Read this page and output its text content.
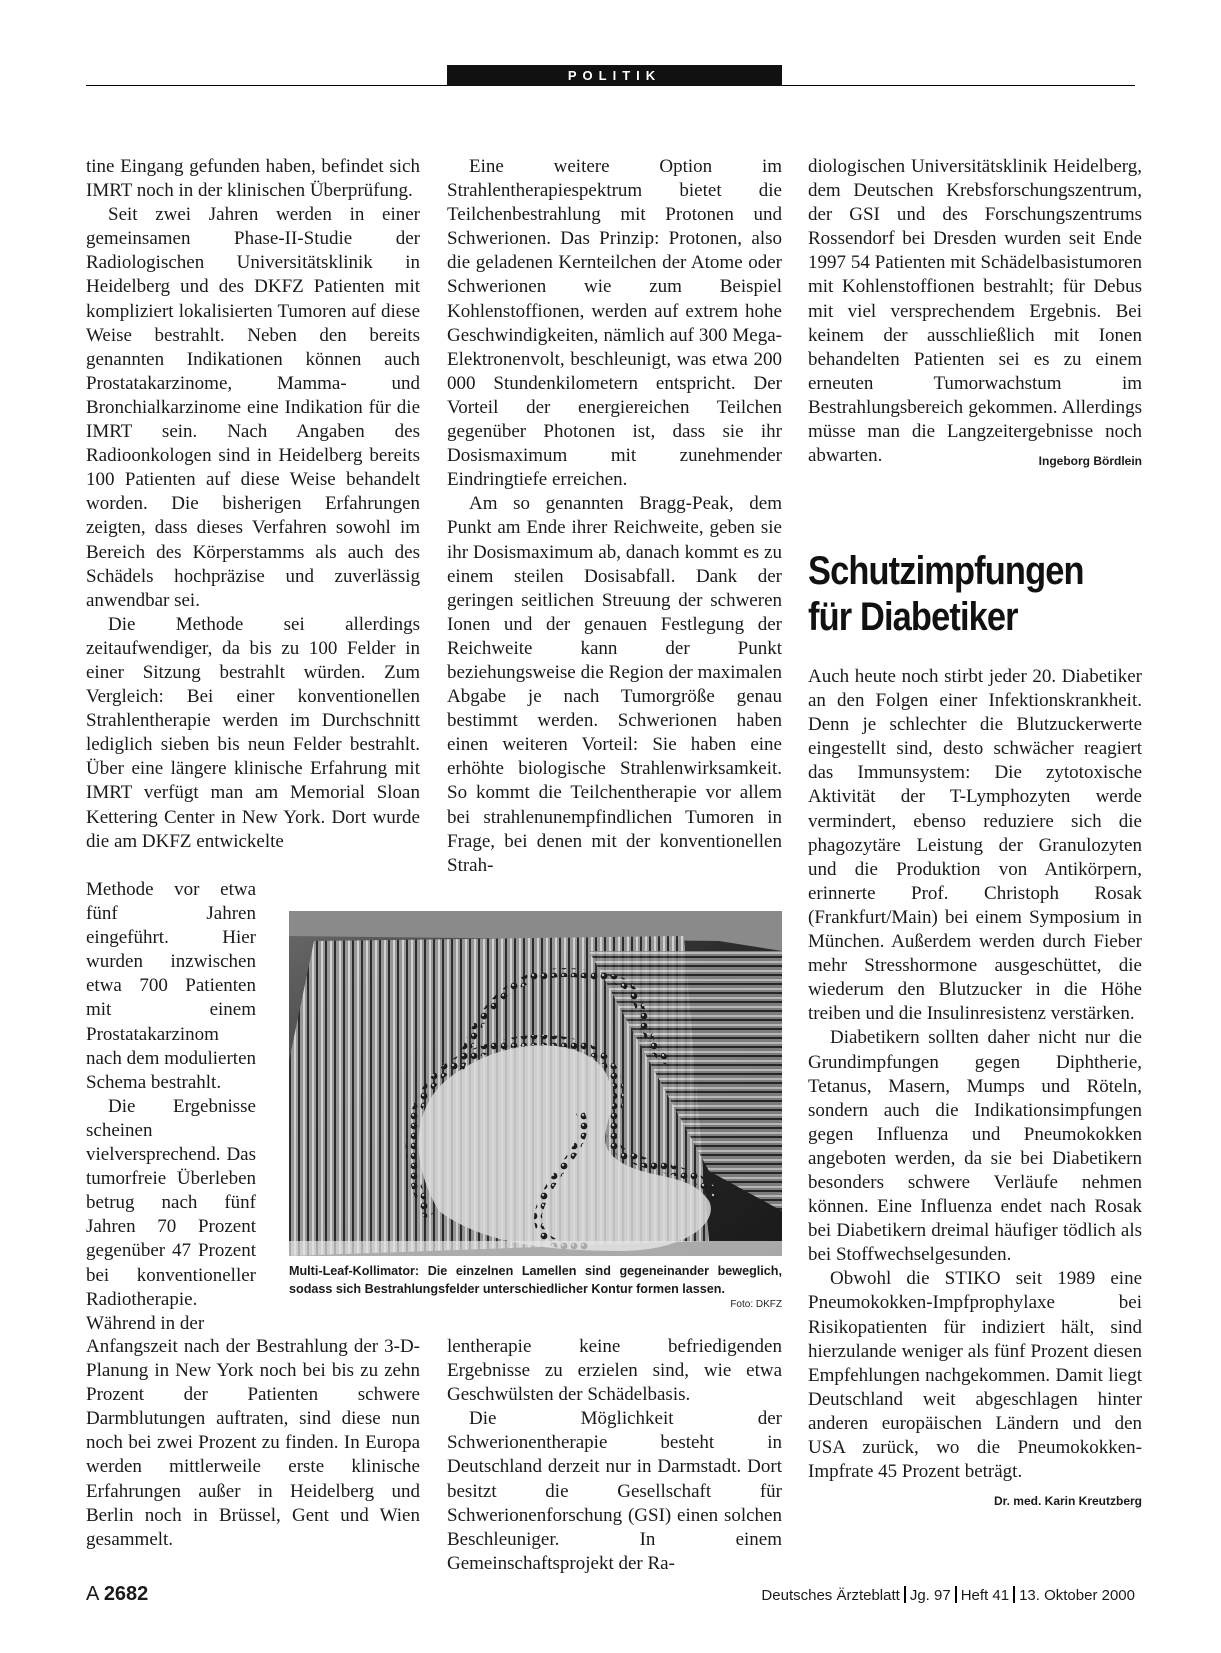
POLITIK

tine Eingang gefunden haben, befindet sich IMRT noch in der klinischen Überprüfung.

Seit zwei Jahren werden in einer gemeinsamen Phase-II-Studie der Radiologischen Universitätsklinik in Heidelberg und des DKFZ Patienten mit kompliziert lokalisierten Tumoren auf diese Weise bestrahlt. Neben den bereits genannten Indikationen können auch Prostatakarzinome, Mamma- und Bronchialkarzinome eine Indikation für die IMRT sein. Nach Angaben des Radioonkologen sind in Heidelberg bereits 100 Patienten auf diese Weise behandelt worden. Die bisherigen Erfahrungen zeigten, dass dieses Verfahren sowohl im Bereich des Körperstamms als auch des Schädels hochpräzise und zuverlässig anwendbar sei.

Die Methode sei allerdings zeitaufwendiger, da bis zu 100 Felder in einer Sitzung bestrahlt würden. Zum Vergleich: Bei einer konventionellen Strahlentherapie werden im Durchschnitt lediglich sieben bis neun Felder bestrahlt. Über eine längere klinische Erfahrung mit IMRT verfügt man am Memorial Sloan Kettering Center in New York. Dort wurde die am DKFZ entwickelte

Methode vor etwa fünf Jahren eingeführt. Hier wurden inzwischen etwa 700 Patienten mit einem Prostatakarzinom nach dem modulierten Schema bestrahlt.

Die Ergebnisse scheinen vielversprechend. Das tumorfreie Überleben betrug nach fünf Jahren 70 Prozent gegenüber 47 Prozent bei konventioneller Radiotherapie. Während in der

Anfangszeit nach der Bestrahlung der 3-D-Planung in New York noch bei bis zu zehn Prozent der Patienten schwere Darmblutungen auftraten, sind diese nun noch bei zwei Prozent zu finden. In Europa werden mittlerweile erste klinische Erfahrungen außer in Heidelberg und Berlin noch in Brüssel, Gent und Wien gesammelt.

Eine weitere Option im Strahlentherapiespektrum bietet die Teilchenbestrahlung mit Protonen und Schwerionen. Das Prinzip: Protonen, also die geladenen Kernteilchen der Atome oder Schwerionen wie zum Beispiel Kohlenstoffionen, werden auf extrem hohe Geschwindigkeiten, nämlich auf 300 Mega-Elektronenvolt, beschleunigt, was etwa 200 000 Stundenkilometern entspricht. Der Vorteil der energiereichen Teilchen gegenüber Photonen ist, dass sie ihr Dosismaximum mit zunehmender Eindringtiefe erreichen.

Am so genannten Bragg-Peak, dem Punkt am Ende ihrer Reichweite, geben sie ihr Dosismaximum ab, danach kommt es zu einem steilen Dosisabfall. Dank der geringen seitlichen Streuung der schweren Ionen und der genauen Festlegung der Reichweite kann der Punkt beziehungsweise die Region der maximalen Abgabe je nach Tumorgröße genau bestimmt werden. Schwerionen haben einen weiteren Vorteil: Sie haben eine erhöhte biologische Strahlenwirksamkeit. So kommt die Teilchentherapie vor allem bei strahlenunempfindlichen Tumoren in Frage, bei denen mit der konventionellen Strah-

lentherapie keine befriedigenden Ergebnisse zu erzielen sind, wie etwa Geschwülsten der Schädelbasis.

Die Möglichkeit der Schwerionentherapie besteht in Deutschland derzeit nur in Darmstadt. Dort besitzt die Gesellschaft für Schwerionenforschung (GSI) einen solchen Beschleuniger. In einem Gemeinschaftsprojekt der Ra-

diologischen Universitätsklinik Heidelberg, dem Deutschen Krebsforschungszentrum, der GSI und des Forschungszentrums Rossendorf bei Dresden wurden seit Ende 1997 54 Patienten mit Schädelbasistumoren mit Kohlenstoffionen bestrahlt; für Debus mit viel versprechendem Ergebnis. Bei keinem der ausschließlich mit Ionen behandelten Patienten sei es zu einem erneuten Tumorwachstum im Bestrahlungsbereich gekommen. Allerdings müsse man die Langzeitergebnisse noch abwarten.	Ingeborg Bördlein

Schutzimpfungen
für Diabetiker

Auch heute noch stirbt jeder 20. Diabetiker an den Folgen einer Infektionskrankheit. Denn je schlechter die Blutzuckerwerte eingestellt sind, desto schwächer reagiert das Immunsystem: Die zytotoxische Aktivität der T-Lymphozyten werde vermindert, ebenso reduziere sich die phagozytäre Leistung der Granulozyten und die Produktion von Antikörpern, erinnerte Prof. Christoph Rosak (Frankfurt/Main) bei einem Symposium in München. Außerdem werden durch Fieber mehr Stresshormone ausgeschüttet, die wiederum den Blutzucker in die Höhe treiben und die Insulinresistenz verstärken.

Diabetikern sollten daher nicht nur die Grundimpfungen gegen Diphtherie, Tetanus, Masern, Mumps und Röteln, sondern auch die Indikationsimpfungen gegen Influenza und Pneumokokken angeboten werden, da sie bei Diabetikern besonders schwere Verläufe nehmen können. Eine Influenza endet nach Rosak bei Diabetikern dreimal häufiger tödlich als bei Stoffwechselgesunden.

Obwohl die STIKO seit 1989 eine Pneumokokken-Impfprophylaxe bei Risikopatienten für indiziert hält, sind hierzulande weniger als fünf Prozent diesen Empfehlungen nachgekommen. Damit liegt Deutschland weit abgeschlagen hinter anderen europäischen Ländern und den USA zurück, wo die Pneumokokken-Impfrate 45 Prozent beträgt.
Dr. med. Karin Kreutzberg

Multi-Leaf-Kollimator: Die einzelnen Lamellen sind gegeneinander beweglich, sodass sich Bestrahlungsfelder unterschiedlicher Kontur formen lassen.
Foto: DKFZ
A 2682	Deutsches Ärzteblatt Jg. 97 Heft 41 13. Oktober 2000
